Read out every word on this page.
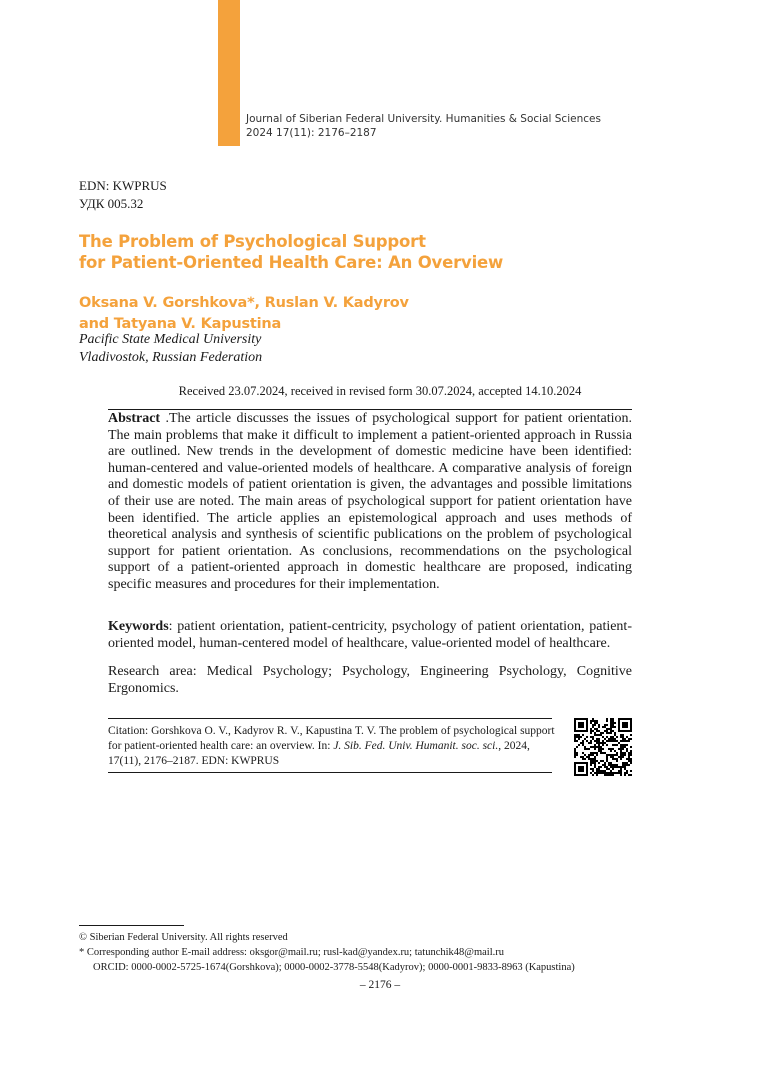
Journal of Siberian Federal University. Humanities & Social Sciences
2024 17(11): 2176–2187
EDN: KWPRUS
УДК 005.32
The Problem of Psychological Support
for Patient-Oriented Health Care: An Overview
Oksana V. Gorshkova*, Ruslan V. Kadyrov
and Tatyana V. Kapustina
Pacific State Medical University
Vladivostok, Russian Federation
Received 23.07.2024, received in revised form 30.07.2024, accepted 14.10.2024
Abstract .The article discusses the issues of psychological support for patient orientation. The main problems that make it difficult to implement a patient-oriented approach in Russia are outlined. New trends in the development of domestic medicine have been identified: human-centered and value-oriented models of healthcare. A comparative analysis of foreign and domestic models of patient orientation is given, the advantages and possible limitations of their use are noted. The main areas of psychological support for patient orientation have been identified. The article applies an epistemological approach and uses methods of theoretical analysis and synthesis of scientific publications on the problem of psychological support for patient orientation. As conclusions, recommendations on the psychological support of a patient-oriented approach in domestic healthcare are proposed, indicating specific measures and procedures for their implementation.
Keywords: patient orientation, patient-centricity, psychology of patient orientation, patient-oriented model, human-centered model of healthcare, value-oriented model of healthcare.
Research area: Medical Psychology; Psychology, Engineering Psychology, Cognitive Ergonomics.
Citation: Gorshkova O. V., Kadyrov R. V., Kapustina T. V. The problem of psychological support for patient-oriented health care: an overview. In: J. Sib. Fed. Univ. Humanit. soc. sci., 2024, 17(11), 2176–2187. EDN: KWPRUS
© Siberian Federal University. All rights reserved
* Corresponding author E-mail address: oksgor@mail.ru; rusl-kad@yandex.ru; tatunchik48@mail.ru
ORCID: 0000-0002-5725-1674(Gorshkova); 0000-0002-3778-5548(Kadyrov); 0000-0001-9833-8963 (Kapustina)
– 2176 –
